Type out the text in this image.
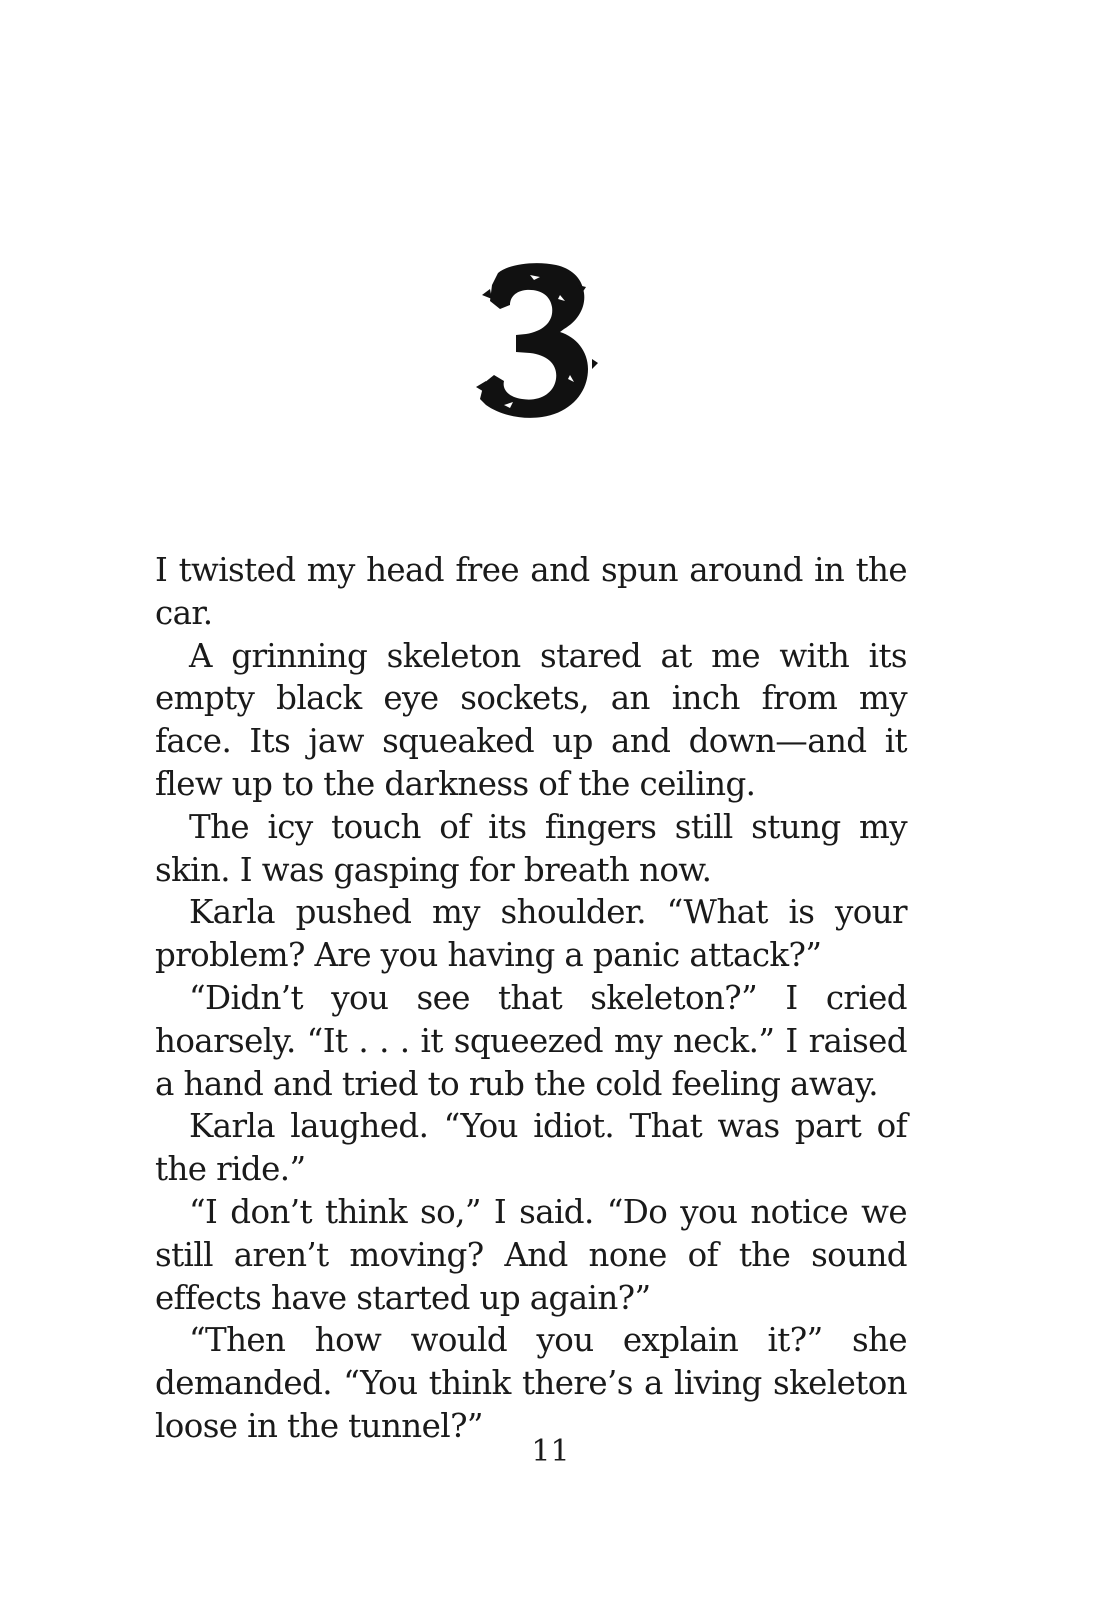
I twisted my head free and spun around in the car.

A grinning skeleton stared at me with its empty black eye sockets, an inch from my face. Its jaw squeaked up and down—and it flew up to the darkness of the ceiling.

The icy touch of its fingers still stung my skin. I was gasping for breath now.

Karla pushed my shoulder. “What is your problem? Are you having a panic attack?”

“Didn’t you see that skeleton?” I cried hoarsely. “It . . . it squeezed my neck.” I raised a hand and tried to rub the cold feeling away.

Karla laughed. “You idiot. That was part of the ride.”

“I don’t think so,” I said. “Do you notice we still aren’t moving? And none of the sound effects have started up again?”

“Then how would you explain it?” she demanded. “You think there’s a living skeleton loose in the tunnel?”

11
